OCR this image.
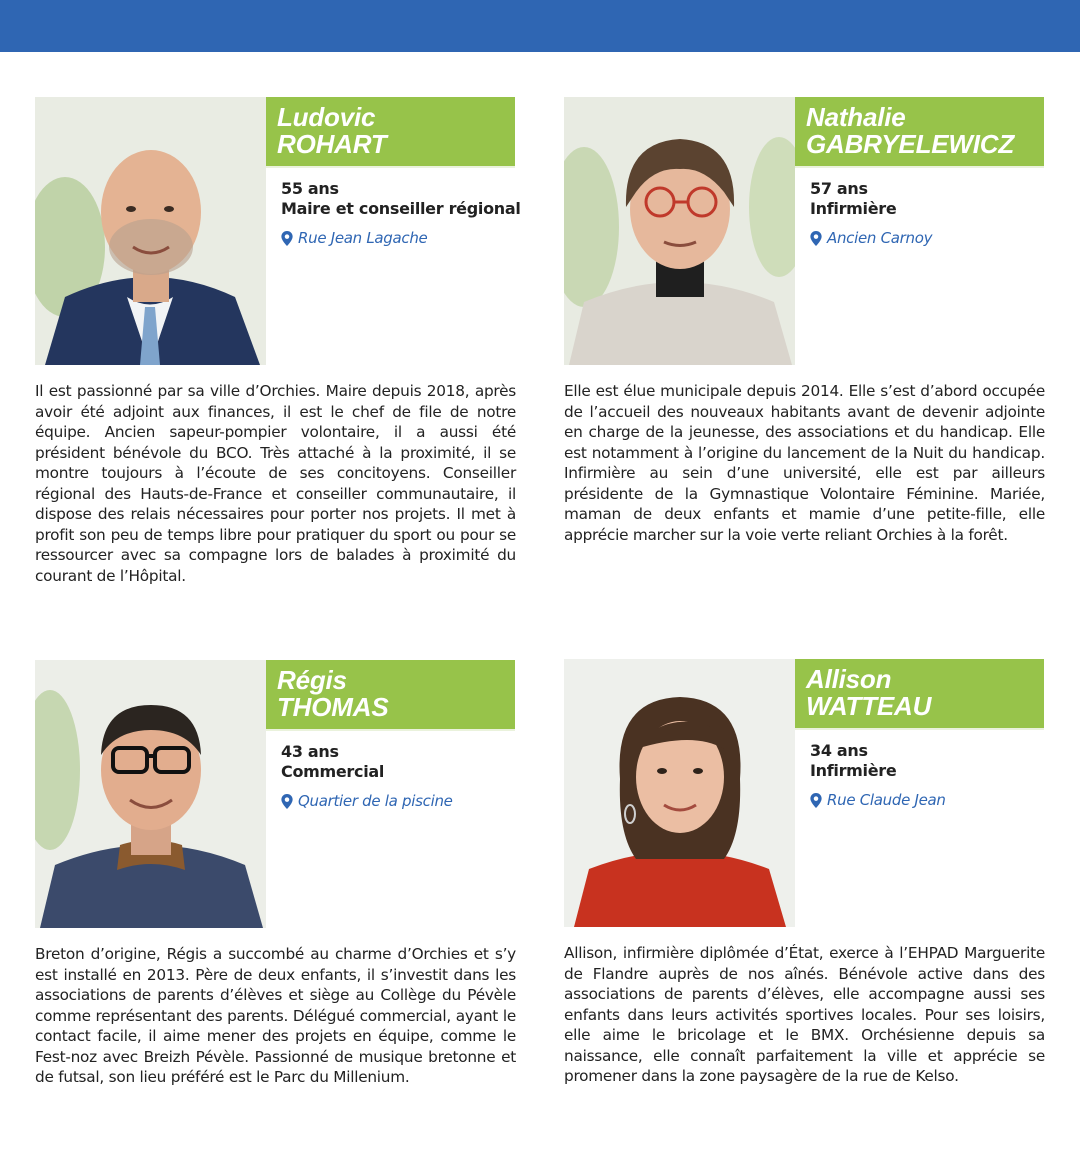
Ludovic
ROHART
55 ans
Maire et conseiller régional
Rue Jean Lagache
Il est passionné par sa ville d’Orchies. Maire depuis 2018, après avoir été adjoint aux finances, il est le chef de file de notre équipe. Ancien sapeur-pompier volontaire, il a aussi été président bénévole du BCO. Très attaché à la proximité, il se montre toujours à l’écoute de ses concitoyens. Conseiller régional des Hauts-de-France et conseiller communautaire, il dispose des relais nécessaires pour porter nos projets. Il met à profit son peu de temps libre pour pratiquer du sport ou pour se ressourcer avec sa compagne lors de balades à proximité du courant de l’Hôpital.
Nathalie
GABRYELEWICZ
57 ans
Infirmière
Ancien Carnoy
Elle est élue municipale depuis 2014. Elle s’est d’abord occupée de l’accueil des nouveaux habitants avant de devenir adjointe en charge de la jeunesse, des associations et du handicap. Elle est notamment à l’origine du lancement de la Nuit du handicap. Infirmière au sein d’une université, elle est par ailleurs présidente de la Gymnastique Volontaire Féminine. Mariée, maman de deux enfants et mamie d’une petite-fille, elle apprécie marcher sur la voie verte reliant Orchies à la forêt.
Régis
THOMAS
43 ans
Commercial
Quartier de la piscine
Breton d’origine, Régis a succombé au charme d’Orchies et s’y est installé en 2013. Père de deux enfants, il s’investit dans les associations de parents d’élèves et siège au Collège du Pévèle comme représentant des parents. Délégué commercial, ayant le contact facile, il aime mener des projets en équipe, comme le Fest-noz avec Breizh Pévèle. Passionné de musique bretonne et de futsal, son lieu préféré est le Parc du Millenium.
Allison
WATTEAU
34 ans
Infirmière
Rue Claude Jean
Allison, infirmière diplômée d’État, exerce à l’EHPAD Marguerite de Flandre auprès de nos aînés. Bénévole active dans des associations de parents d’élèves, elle accompagne aussi ses enfants dans leurs activités sportives locales. Pour ses loisirs, elle aime le bricolage et le BMX. Orchésienne depuis sa naissance, elle connaît parfaitement la ville et apprécie se promener dans la zone paysagère de la rue de Kelso.
